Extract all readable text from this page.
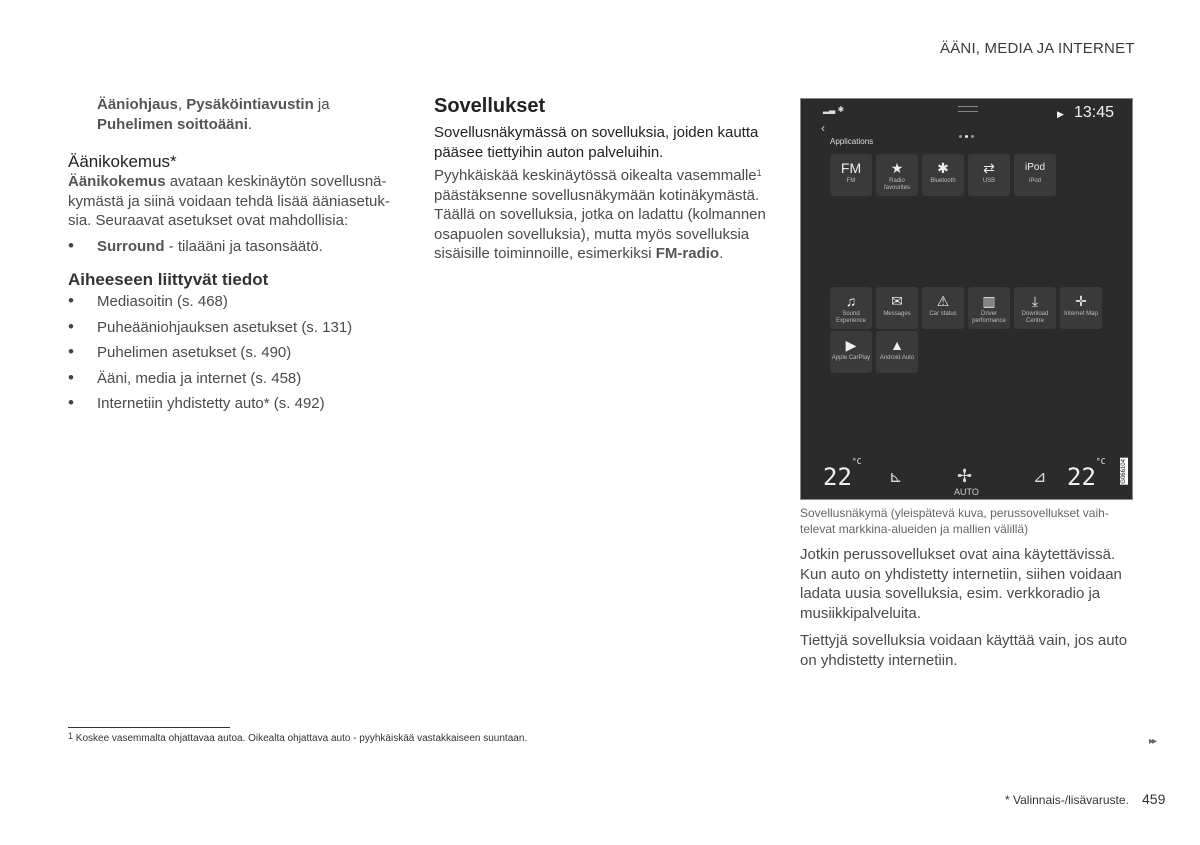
ÄÄNI, MEDIA JA INTERNET

Ääniohjaus, Pysäköintiavustin ja
Puhelimen soittoääni.

Äänikokemus*

Äänikokemus avataan keskinäytön sovellusnä-kymästä ja siinä voidaan tehdä lisää ääniasetuk-sia. Seuraavat asetukset ovat mahdollisia:

• Surround - tilaääni ja tasonsäätö.
Aiheeseen liittyvät tiedot
• Mediasoitin (s. 468)
• Puheääniohjauksen asetukset (s. 131)
• Puhelimen asetukset (s. 490)
• Ääni, media ja internet (s. 458)
• Internetiin yhdistetty auto* (s. 492)
Sovellukset

Sovellusnäkymässä on sovelluksia, joiden kautta pääsee tiettyihin auton palveluihin.

Pyyhkäiskää keskinäytössä oikealta vasemmalle$^1$ päästäksenne sovellusnäkymään kotinäkymästä. Täällä on sovelluksia, jotka on ladattu (kolmannen osapuolen sovelluksia), mutta myös sovelluksia sisäisille toiminnoille, esimerkiksi FM-radio.

▂▃ ✱	▶ 13:45
‹
Applications
FM
FM
★
Radio favourites
✱
Bluetooth
⇄
USB
iPod
iPod
♫
Sound Experience
✉
Messages
⚠
Car status
▥
Driver performance
⤓
Download Centre
✛
Internet Map
▶
Apple CarPlay
▲
Android Auto
$22^{^\circ C}$
⊾	✢
AUTO
⊿ $22^{^\circ C}$	G066104
Sovellusnäkymä (yleispätevä kuva, perussovellukset vaih-televat markkina-alueiden ja mallien välillä)

Jotkin perussovellukset ovat aina käytettävissä. Kun auto on yhdistetty internetiin, siihen voidaan ladata uusia sovelluksia, esim. verkkoradio ja musiikkipalveluita.

Tiettyjä sovelluksia voidaan käyttää vain, jos auto on yhdistetty internetiin.

$^1$ Koskee vasemmalta ohjattavaa autoa. Oikealta ohjattava auto - pyyhkäiskää vastakkaiseen suuntaan.	▸▸
* Valinnais-/lisävaruste. 459
